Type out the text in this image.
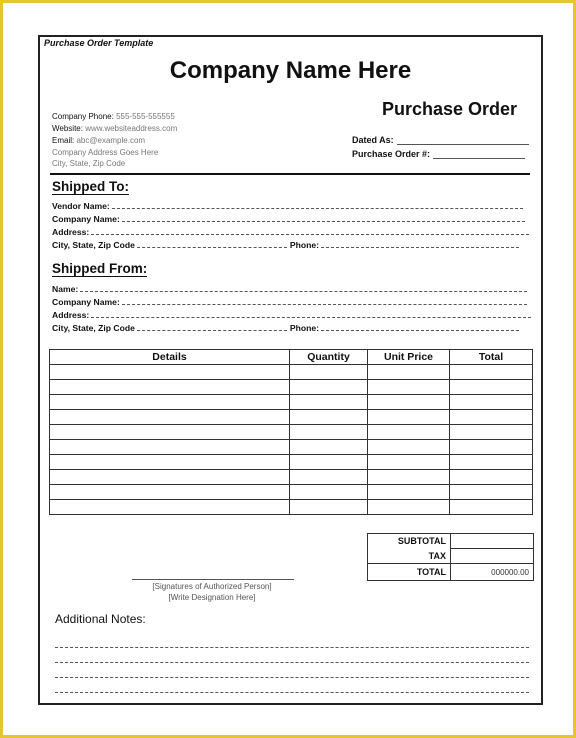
Purchase Order Template
Company Name Here
Purchase Order
Company Phone: 555-555-555555
Website: www.websiteaddress.com
Email: abc@example.com
Company Address Goes Here
City, State, Zip Code
Dated As:
Purchase Order #:
Shipped To:
Vendor Name:
Company Name:
Address:
City, State, Zip Code	Phone:
Shipped From:
Name:
Company Name:
Address:
City, State, Zip Code	Phone:
Details	Quantity	Unit Price	Total

SUBTOTAL	
TAX	
TOTAL	000000.00
[Signatures of Authorized Person]
[Write Designation Here]
Additional Notes:
